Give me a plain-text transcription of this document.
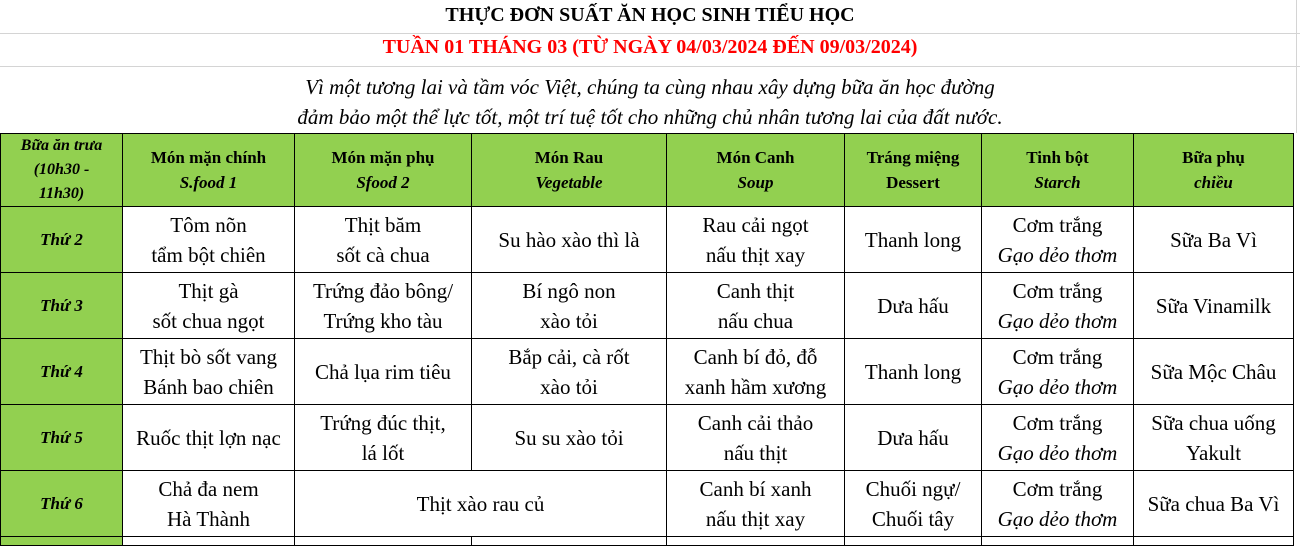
THỰC ĐƠN SUẤT ĂN HỌC SINH TIỂU HỌC
TUẦN 01 THÁNG 03 (TỪ NGÀY 04/03/2024 ĐẾN 09/03/2024)
Vì một tương lai và tầm vóc Việt, chúng ta cùng nhau xây dựng bữa ăn học đường
đảm bảo một thể lực tốt, một trí tuệ tốt cho những chủ nhân tương lai của đất nước.
Bữa ăn trưa
(10h30 -
11h30)	Món mặn chính
S.food 1	Món mặn phụ
Sfood 2	Món Rau
Vegetable	Món Canh
Soup	Tráng miệng
Dessert	Tinh bột
Starch	Bữa phụ
chiều

Thứ 2	Tôm nõn
tẩm bột chiên	Thịt băm
sốt cà chua	Su hào xào thì là	Rau cải ngọt
nấu thịt xay	Thanh long	Cơm trắng
Gạo dẻo thơm	Sữa Ba Vì

Thứ 3	Thịt gà
sốt chua ngọt	Trứng đảo bông/
Trứng kho tàu	Bí ngô non
xào tỏi	Canh thịt
nấu chua	Dưa hấu	Cơm trắng
Gạo dẻo thơm	Sữa Vinamilk

Thứ 4	Thịt bò sốt vang
Bánh bao chiên	Chả lụa rim tiêu	Bắp cải, cà rốt
xào tỏi	Canh bí đỏ, đỗ
xanh hầm xương	Thanh long	Cơm trắng
Gạo dẻo thơm	Sữa Mộc Châu

Thứ 5	Ruốc thịt lợn nạc	Trứng đúc thịt,
lá lốt	Su su xào tỏi	Canh cải thảo
nấu thịt	Dưa hấu	Cơm trắng
Gạo dẻo thơm	Sữa chua uống
Yakult

Thứ 6	Chả đa nem
Hà Thành	Thịt xào rau củ		Canh bí xanh
nấu thịt xay	Chuối ngự/
Chuối tây	Cơm trắng
Gạo dẻo thơm	Sữa chua Ba Vì
